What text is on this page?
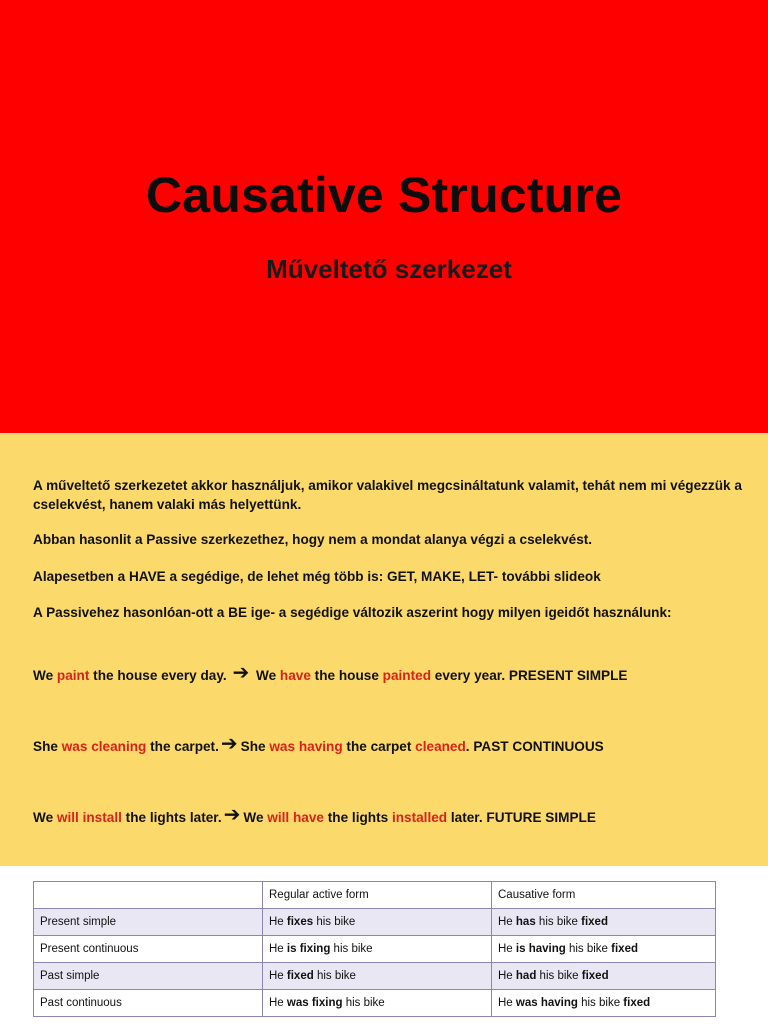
Causative Structure
Műveltető szerkezet
A műveltető szerkezetet akkor használjuk, amikor valakivel megcsináltatunk valamit, tehát nem mi végezzük a cselekvést, hanem valaki más helyettünk.
Abban hasonlit a Passive szerkezethez, hogy nem a mondat alanya végzi a cselekvést.
Alapesetben a HAVE a segédige, de lehet még több is: GET, MAKE, LET- további slideok
A Passivehez hasonlóan-ott a BE ige- a segédige változik aszerint hogy milyen igeidőt használunk:
We paint the house every day. ➔ We have the house painted every year. PRESENT SIMPLE
She was cleaning the carpet. ➔ She was having the carpet cleaned. PAST CONTINUOUS
We will install the lights later. ➔ We will have the lights installed later. FUTURE SIMPLE
	Regular active form	Causative form
Present simple	He fixes his bike	He has his bike fixed
Present continuous	He is fixing his bike	He is having his bike fixed
Past simple	He fixed his bike	He had his bike fixed
Past continuous	He was fixing his bike	He was having his bike fixed
